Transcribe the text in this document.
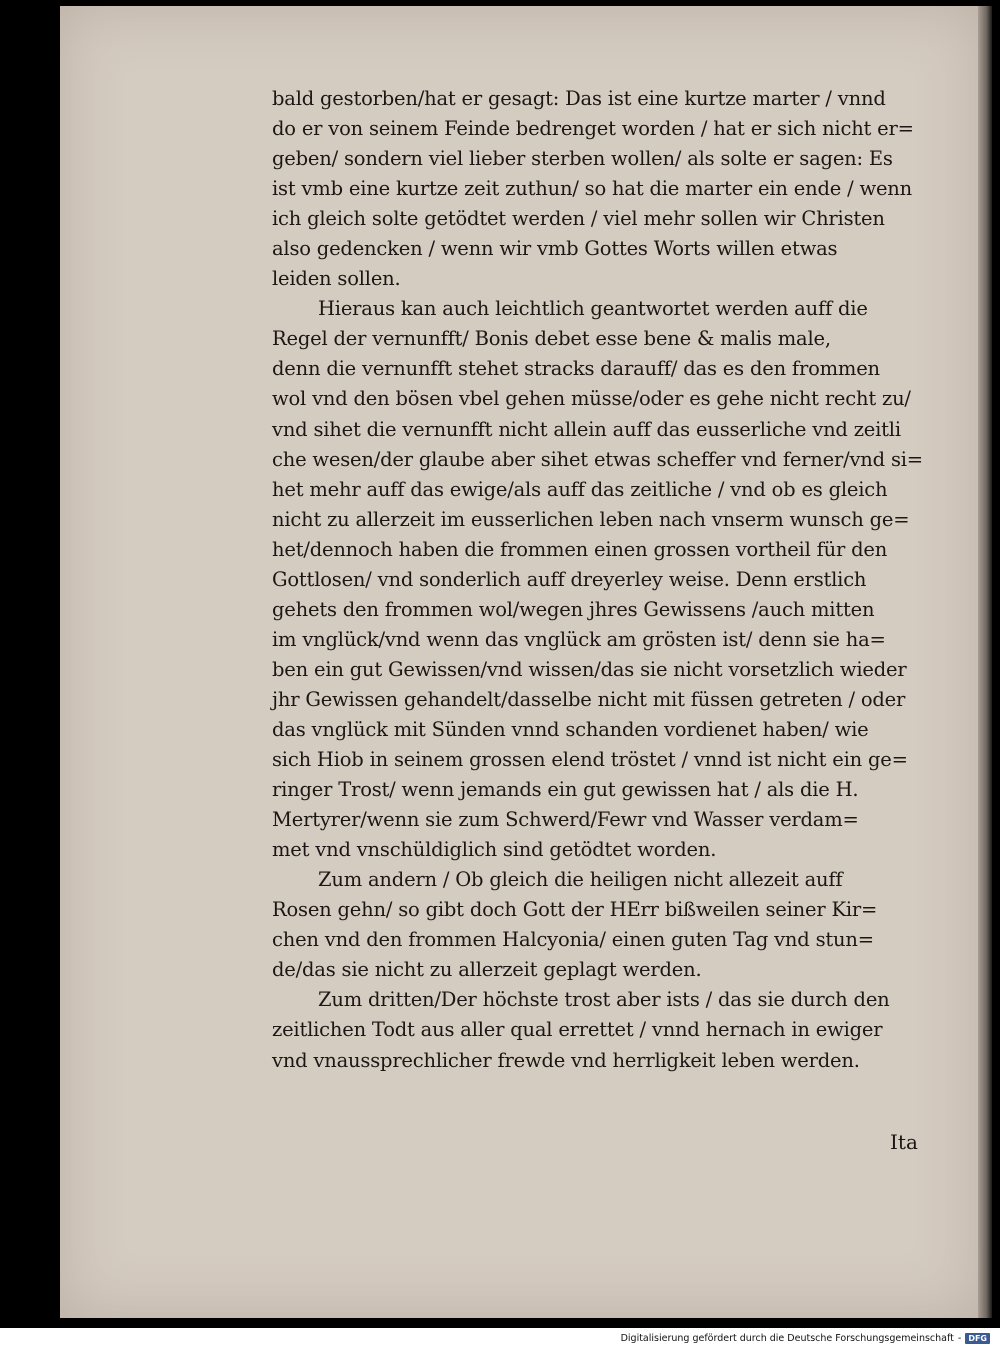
bald gestorben/hat er gesagt: Das ist eine kurtze marter / vnnd
do er von seinem Feinde bedrenget worden / hat er sich nicht er=
geben/ sondern viel lieber sterben wollen/ als solte er sagen: Es
ist vmb eine kurtze zeit zuthun/ so hat die marter ein ende / wenn
ich gleich solte getödtet werden / viel mehr sollen wir Christen
also gedencken / wenn wir vmb Gottes Worts willen etwas
leiden sollen.
Hieraus kan auch leichtlich geantwortet werden auff die
Regel der vernunfft/ Bonis debet esse bene & malis male,
denn die vernunfft stehet stracks darauff/ das es den frommen
wol vnd den bösen vbel gehen müsse/oder es gehe nicht recht zu/
vnd sihet die vernunfft nicht allein auff das eusserliche vnd zeitli
che wesen/der glaube aber sihet etwas scheffer vnd ferner/vnd si=
het mehr auff das ewige/als auff das zeitliche / vnd ob es gleich
nicht zu allerzeit im eusserlichen leben nach vnserm wunsch ge=
het/dennoch haben die frommen einen grossen vortheil für den
Gottlosen/ vnd sonderlich auff dreyerley weise. Denn erstlich
gehets den frommen wol/wegen jhres Gewissens /auch mitten
im vnglück/vnd wenn das vnglück am grösten ist/ denn sie ha=
ben ein gut Gewissen/vnd wissen/das sie nicht vorsetzlich wieder
jhr Gewissen gehandelt/dasselbe nicht mit füssen getreten / oder
das vnglück mit Sünden vnnd schanden vordienet haben/ wie
sich Hiob in seinem grossen elend tröstet / vnnd ist nicht ein ge=
ringer Trost/ wenn jemands ein gut gewissen hat / als die H.
Mertyrer/wenn sie zum Schwerd/Fewr vnd Wasser verdam=
met vnd vnschüldiglich sind getödtet worden.
Zum andern / Ob gleich die heiligen nicht allezeit auff
Rosen gehn/ so gibt doch Gott der HErr bißweilen seiner Kir=
chen vnd den frommen Halcyonia/ einen guten Tag vnd stun=
de/das sie nicht zu allerzeit geplagt werden.
Zum dritten/Der höchste trost aber ists / das sie durch den
zeitlichen Todt aus aller qual errettet / vnnd hernach in ewiger
vnd vnaussprechlicher frewde vnd herrligkeit leben werden.
Ita
Digitalisierung gefördert durch die Deutsche Forschungsgemeinschaft - DFG
